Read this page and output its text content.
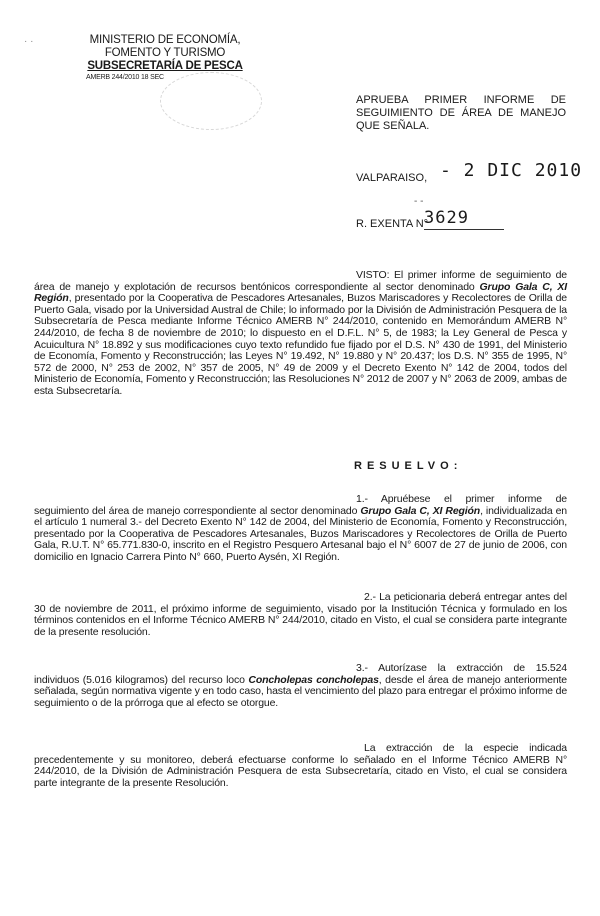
· ·	MINISTERIO DE ECONOMÍA,
FOMENTO Y TURISMO
SUBSECRETARÍA DE PESCA
AMERB 244/2010 18 SEC
APRUEBA PRIMER INFORME DE SEGUIMIENTO DE ÁREA DE MANEJO QUE SEÑALA.
VALPARAISO, - 2 DIC 2010
- -
R. EXENTA N°
3629
VISTO: El primer informe de seguimiento de área de manejo y explotación de recursos bentónicos correspondiente al sector denominado Grupo Gala C, XI Región, presentado por la Cooperativa de Pescadores Artesanales, Buzos Mariscadores y Recolectores de Orilla de Puerto Gala, visado por la Universidad Austral de Chile; lo informado por la División de Administración Pesquera de la Subsecretaría de Pesca mediante Informe Técnico AMERB N° 244/2010, contenido en Memorándum AMERB N° 244/2010, de fecha 8 de noviembre de 2010; lo dispuesto en el D.F.L. N° 5, de 1983; la Ley General de Pesca y Acuicultura N° 18.892 y sus modificaciones cuyo texto refundido fue fijado por el D.S. N° 430 de 1991, del Ministerio de Economía, Fomento y Reconstrucción; las Leyes N° 19.492, N° 19.880 y N° 20.437; los D.S. N° 355 de 1995, N° 572 de 2000, N° 253 de 2002, N° 357 de 2005, N° 49 de 2009 y el Decreto Exento N° 142 de 2004, todos del Ministerio de Economía, Fomento y Reconstrucción; las Resoluciones N° 2012 de 2007 y N° 2063 de 2009, ambas de esta Subsecretaría.
RESUELVO:
1.- Apruébese el primer informe de seguimiento del área de manejo correspondiente al sector denominado Grupo Gala C, XI Región, individualizada en el artículo 1 numeral 3.- del Decreto Exento N° 142 de 2004, del Ministerio de Economía, Fomento y Reconstrucción, presentado por la Cooperativa de Pescadores Artesanales, Buzos Mariscadores y Recolectores de Orilla de Puerto Gala, R.U.T. N° 65.771.830-0, inscrito en el Registro Pesquero Artesanal bajo el N° 6007 de 27 de junio de 2006, con domicilio en Ignacio Carrera Pinto N° 660, Puerto Aysén, XI Región.
2.- La peticionaria deberá entregar antes del 30 de noviembre de 2011, el próximo informe de seguimiento, visado por la Institución Técnica y formulado en los términos contenidos en el Informe Técnico AMERB N° 244/2010, citado en Visto, el cual se considera parte integrante de la presente resolución.
3.- Autorízase la extracción de 15.524 individuos (5.016 kilogramos) del recurso loco Concholepas concholepas, desde el área de manejo anteriormente señalada, según normativa vigente y en todo caso, hasta el vencimiento del plazo para entregar el próximo informe de seguimiento o de la prórroga que al efecto se otorgue.
La extracción de la especie indicada precedentemente y su monitoreo, deberá efectuarse conforme lo señalado en el Informe Técnico AMERB N° 244/2010, de la División de Administración Pesquera de esta Subsecretaría, citado en Visto, el cual se considera parte integrante de la presente Resolución.
